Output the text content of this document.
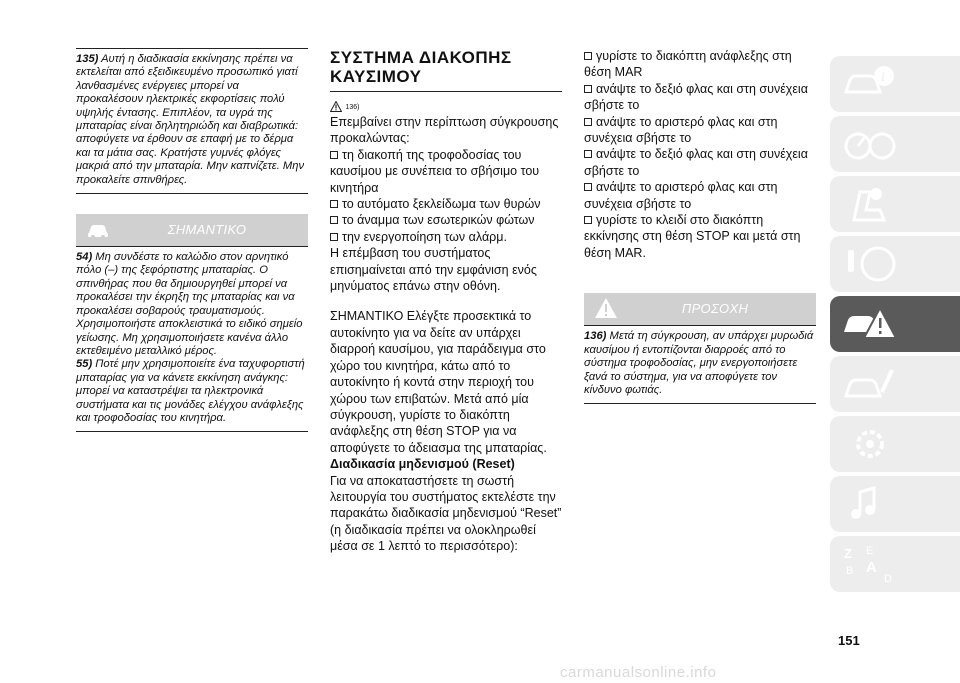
135) Αυτή η διαδικασία εκκίνησης πρέπει να εκτελείται από εξειδικευμένο προσωπικό γιατί λανθασμένες ενέργειες μπορεί να προκαλέσουν ηλεκτρικές εκφορτίσεις πολύ υψηλής έντασης. Επιπλέον, τα υγρά της μπαταρίας είναι δηλητηριώδη και διαβρωτικά: αποφύγετε να έρθουν σε επαφή με το δέρμα και τα μάτια σας. Κρατήστε γυμνές φλόγες μακριά από την μπαταρία. Μην καπνίζετε. Μην προκαλείτε σπινθήρες.
ΣΗΜΑΝΤΙΚΟ
54) Μη συνδέστε το καλώδιο στον αρνητικό πόλο (–) της ξεφόρτιστης μπαταρίας. Ο σπινθήρας που θα δημιουργηθεί μπορεί να προκαλέσει την έκρηξη της μπαταρίας και να προκαλέσει σοβαρούς τραυματισμούς. Χρησιμοποιήστε αποκλειστικά το ειδικό σημείο γείωσης. Μη χρησιμοποιήσετε κανένα άλλο εκτεθειμένο μεταλλικό μέρος.
55) Ποτέ μην χρησιμοποιείτε ένα ταχυφορτιστή μπαταρίας για να κάνετε εκκίνηση ανάγκης: μπορεί να καταστρέψει τα ηλεκτρονικά συστήματα και τις μονάδες ελέγχου ανάφλεξης και τροφοδοσίας του κινητήρα.
ΣΥΣΤΗΜΑ ΔΙΑΚΟΠΗΣ ΚΑΥΣΙΜΟΥ
$^{136)}$

Επεμβαίνει στην περίπτωση σύγκρουσης προκαλώντας:

τη διακοπή της τροφοδοσίας του καυσίμου με συνέπεια το σβήσιμο του κινητήρα

το αυτόματο ξεκλείδωμα των θυρών

το άναμμα των εσωτερικών φώτων

την ενεργοποίηση των αλάρμ.

Η επέμβαση του συστήματος επισημαίνεται από την εμφάνιση ενός μηνύματος επάνω στην οθόνη.

ΣΗΜΑΝΤΙΚΟ Ελέγξτε προσεκτικά το αυτοκίνητο για να δείτε αν υπάρχει διαρροή καυσίμου, για παράδειγμα στο χώρο του κινητήρα, κάτω από το αυτοκίνητο ή κοντά στην περιοχή του χώρου των επιβατών. Μετά από μία σύγκρουση, γυρίστε το διακόπτη ανάφλεξης στη θέση STOP για να αποφύγετε το άδειασμα της μπαταρίας.

Διαδικασία μηδενισμού (Reset)

Για να αποκαταστήσετε τη σωστή λειτουργία του συστήματος εκτελέστε την παρακάτω διαδικασία μηδενισμού “Reset” (η διαδικασία πρέπει να ολοκληρωθεί μέσα σε 1 λεπτό το περισσότερο):

γυρίστε το διακόπτη ανάφλεξης στη θέση MAR

ανάψτε το δεξιό φλας και στη συνέχεια σβήστε το

ανάψτε το αριστερό φλας και στη συνέχεια σβήστε το

ανάψτε το δεξιό φλας και στη συνέχεια σβήστε το

ανάψτε το αριστερό φλας και στη συνέχεια σβήστε το

γυρίστε το κλειδί στο διακόπτη εκκίνησης στη θέση STOP και μετά στη θέση MAR.

ΠΡΟΣΟΧΗ
136) Μετά τη σύγκρουση, αν υπάρχει μυρωδιά καυσίμου ή εντοπίζονται διαρροές από το σύστημα τροφοδοσίας, μην ενεργοποιήσετε ξανά το σύστημα, για να αποφύγετε τον κίνδυνο φωτιάς.
i
Z E
B A
D
151
carmanualsonline.info
